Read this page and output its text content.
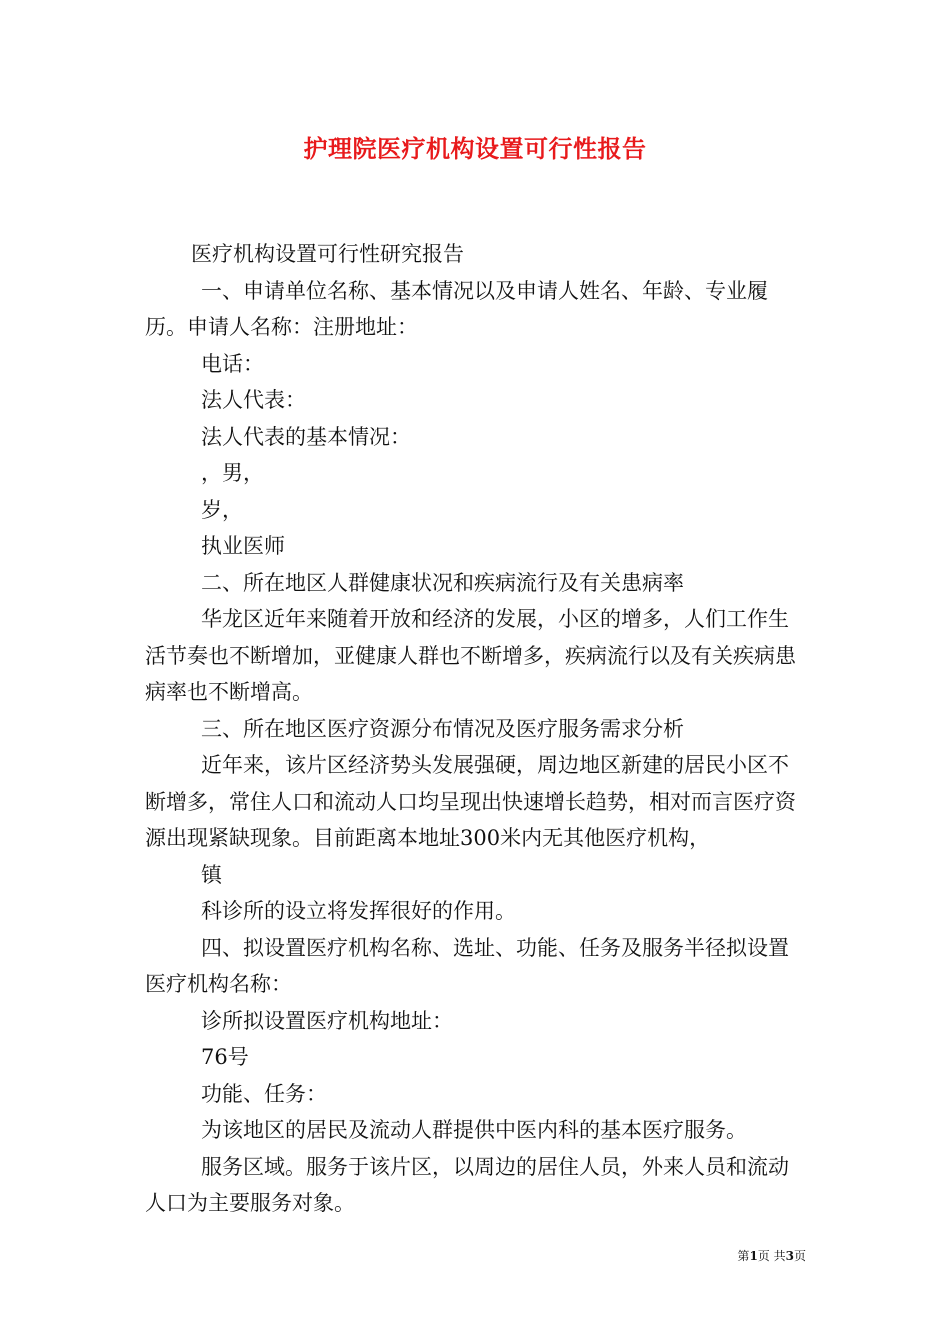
护理院医疗机构设置可行性报告

医疗机构设置可行性研究报告

一、申请单位名称、基本情况以及申请人姓名、年龄、专业履历。申请人名称：注册地址：

电话：

法人代表：

法人代表的基本情况：

，男，

岁，

执业医师

二、所在地区人群健康状况和疾病流行及有关患病率

华龙区近年来随着开放和经济的发展，小区的增多，人们工作生活节奏也不断增加，亚健康人群也不断增多，疾病流行以及有关疾病患病率也不断增高。

三、所在地区医疗资源分布情况及医疗服务需求分析

近年来，该片区经济势头发展强硬，周边地区新建的居民小区不断增多，常住人口和流动人口均呈现出快速增长趋势，相对而言医疗资源出现紧缺现象。目前距离本地址300米内无其他医疗机构，

镇

科诊所的设立将发挥很好的作用。

四、拟设置医疗机构名称、选址、功能、任务及服务半径拟设置医疗机构名称：

诊所拟设置医疗机构地址：

76号

功能、任务：

为该地区的居民及流动人群提供中医内科的基本医疗服务。

服务区域。服务于该片区，以周边的居住人员，外来人员和流动人口为主要服务对象。

第1页 共3页
